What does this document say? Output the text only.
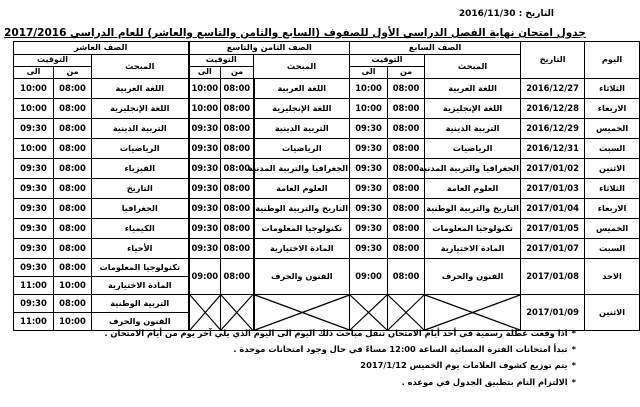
التاريخ : 2016/11/30
جدول امتحان نهاية الفصل الدراسي الأول للصفوف (السابع والثامن والتاسع والعاشر) للعام الدراسي 2017/2016
اليوم	التاريخ	الصف السابع			الصف الثامن والتاسع			الصف العاشر		
		المبحث	التوقيت		المبحث	التوقيت		المبحث	التوقيت	
			من	الى		من	الى		من	الى
الثلاثاء	2016/12/27	اللغة العربية	08:00	10:00	اللغة العربية	08:00	10:00	اللغة العربية	08:00	10:00
الاربعاء	2016/12/28	اللغة الإنجليزية	08:00	10:00	اللغة الإنجليزية	08:00	10:00	اللغة الإنجليزية	08:00	10:00
الخميس	2016/12/29	التربية الدينية	08:00	09:30	التربية الدينية	08:00	09:30	التربية الدينية	08:00	09:30
السبت	2016/12/31	الرياضيات	08:00	09:30	الرياضيات	08:00	09:30	الرياضيات	08:00	10:00
الاثنين	2017/01/02	الجغرافيا والتربية المدنية	08:00	09:30	الجغرافيا والتربية المدنية	08:00	09:30	الفيزياء	08:00	09:30
الثلاثاء	2017/01/03	العلوم العامة	08:00	09:30	العلوم العامة	08:00	09:30	التاريخ	08:00	09:30
الاربعاء	2017/01/04	التاريخ والتربية الوطنية	08:00	09:30	التاريخ والتربية الوطنية	08:00	09:30	الجغرافيا	08:00	09:30
الخميس	2017/01/05	تكنولوجيا المعلومات	08:00	09:30	تكنولوجيا المعلومات	08:00	09:30	الكيمياء	08:00	09:30
السبت	2017/01/07	المادة الاختيارية	08:00	09:30	المادة الاختيارية	08:00	09:30	الأحياء	08:00	09:30
الاحد	2017/01/08	الفنون والحرف	08:00	09:00	الفنون والحرف	08:00	09:00	تكنولوجيا المعلومات	08:00	09:30
								المادة الاختيارية	10:00	11:00
الاثنين	2017/01/09							التربية الوطنية	08:00	09:30
								الفنون والحرف	10:00	11:00
*اذا وقعت عطلة رسمية في أحد أيام الامتحان تنقل مباحث ذلك اليوم الى اليوم الذي يلي آخر يوم من أيام الامتحان .
*تبدأ امتحانات الفترة المسائية الساعة 12:00 مساءً في حال وجود امتحانات موحدة .
*يتم توزيع كشوف العلامات يوم الخميس 2017/1/12
*الالتزام التام بتطبيق الجدول في موعده .
